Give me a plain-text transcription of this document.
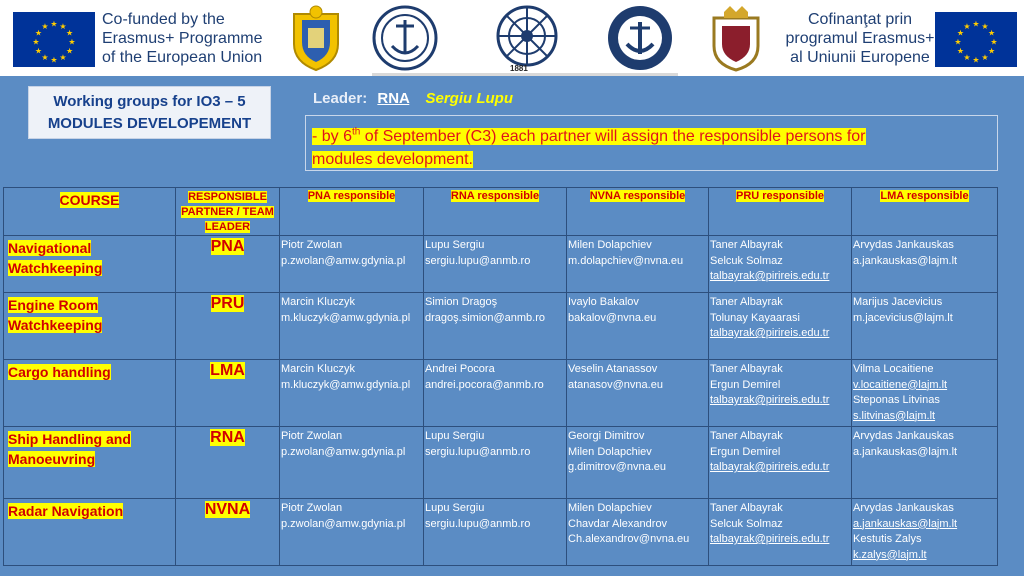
★
★
★
★
★
★
★
★
★ ★ ★
★
Co-funded by the
Erasmus+ Programme
of the European Union
1881
Cofinanţat prin
programul Erasmus+
al Uniunii Europene
★
★
★
★
★
★
★
★
★ ★ ★
★
Working groups for IO3 – 5
MODULES DEVELOPEMENT
Leader: RNA Sergiu Lupu
- by 6th of September (C3) each partner will assign the responsible persons for
modules development.
COURSE	RESPONSIBLE
PARTNER / TEAM
LEADER	PNA responsible	RNA responsible	NVNA responsible	PRU responsible	LMA responsible
Navigational
Watchkeeping	PNA	Piotr Zwolan
p.zwolan@amw.gdynia.pl	Lupu Sergiu
sergiu.lupu@anmb.ro	Milen Dolapchiev
m.dolapchiev@nvna.eu	Taner Albayrak
Selcuk Solmaz
talbayrak@pirireis.edu.tr	Arvydas Jankauskas
a.jankauskas@lajm.lt

Engine Room
Watchkeeping	PRU	Marcin Kluczyk
m.kluczyk@amw.gdynia.pl	Simion Dragoş
dragoş.simion@anmb.ro	Ivaylo Bakalov
bakalov@nvna.eu	Taner Albayrak
Tolunay Kayaarasi
talbayrak@pirireis.edu.tr	Marijus Jacevicius
m.jacevicius@lajm.lt

Cargo handling	LMA	Marcin Kluczyk
m.kluczyk@amw.gdynia.pl	Andrei Pocora
andrei.pocora@anmb.ro	Veselin Atanassov
atanasov@nvna.eu	Taner Albayrak
Ergun Demirel
talbayrak@pirireis.edu.tr	Vilma Locaitiene
v.locaitiene@lajm.lt
Steponas Litvinas
s.litvinas@lajm.lt

Ship Handling and
Manoeuvring	RNA	Piotr Zwolan
p.zwolan@amw.gdynia.pl	Lupu Sergiu
sergiu.lupu@anmb.ro	Georgi Dimitrov
Milen Dolapchiev
g.dimitrov@nvna.eu	Taner Albayrak
Ergun Demirel
talbayrak@pirireis.edu.tr	Arvydas Jankauskas
a.jankauskas@lajm.lt

Radar Navigation	NVNA	Piotr Zwolan
p.zwolan@amw.gdynia.pl	Lupu Sergiu
sergiu.lupu@anmb.ro	Milen Dolapchiev
Chavdar Alexandrov
Ch.alexandrov@nvna.eu	Taner Albayrak
Selcuk Solmaz
talbayrak@pirireis.edu.tr	Arvydas Jankauskas
a.jankauskas@lajm.lt
Kestutis Zalys
k.zalys@lajm.lt
